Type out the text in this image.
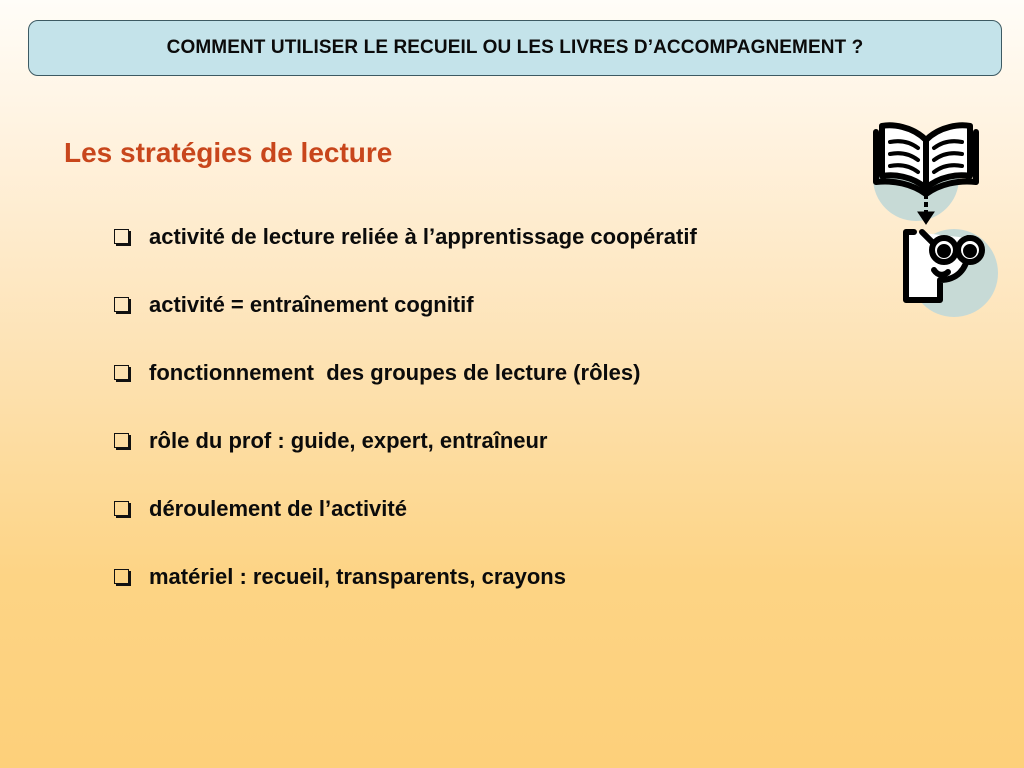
COMMENT UTILISER LE RECUEIL OU LES LIVRES D’ACCOMPAGNEMENT ?
Les stratégies de lecture
activité de lecture reliée à l’apprentissage coopératif
activité = entraînement cognitif
fonctionnement  des groupes de lecture (rôles)
rôle du prof : guide, expert, entraîneur
déroulement de l’activité
matériel : recueil, transparents, crayons
